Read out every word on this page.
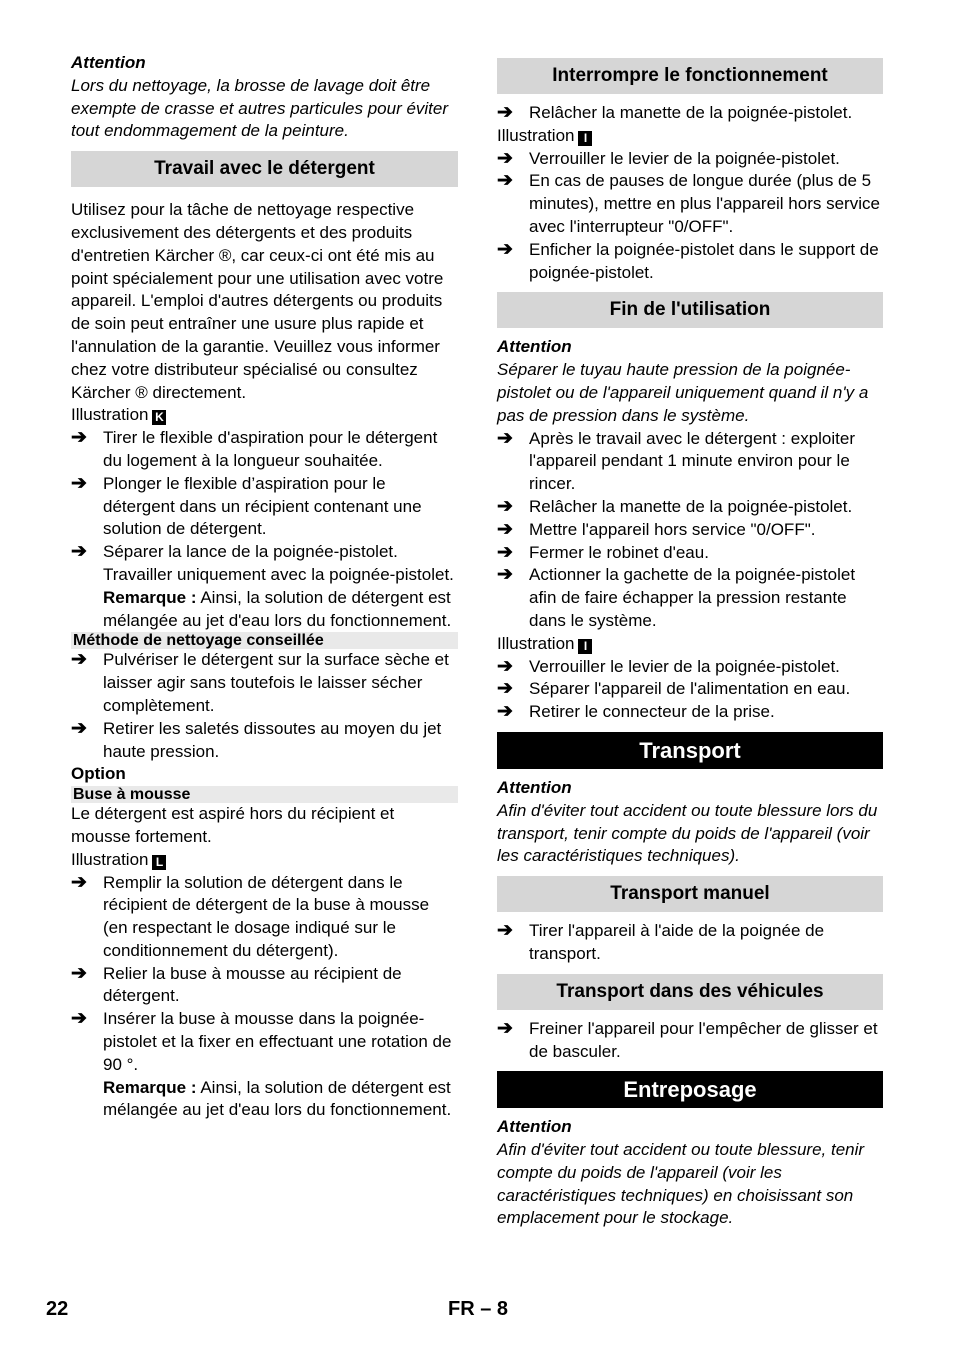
Attention

Lors du nettoyage, la brosse de lavage doit être exempte de crasse et autres particules pour éviter tout endommagement de la peinture.

Travail avec le détergent

Utilisez pour la tâche de nettoyage respective exclusivement des détergents et des produits d'entretien Kärcher ®, car ceux-ci ont été mis au point spécialement pour une utilisation avec votre appareil. L'emploi d'autres détergents ou produits de soin peut entraîner une usure plus rapide et l'annulation de la garantie. Veuillez vous informer chez votre distributeur spécialisé ou consultez Kärcher ® directement.

Illustration K

➔ Tirer le flexible d'aspiration pour le détergent du logement à la longueur souhaitée.
➔ Plonger le flexible d’aspiration pour le détergent dans un récipient contenant une solution de détergent.
➔ Séparer la lance de la poignée-pistolet. Travailler uniquement avec la poignée-pistolet.

Remarque : Ainsi, la solution de détergent est mélangée au jet d'eau lors du fonctionnement.

Méthode de nettoyage conseillée
➔ Pulvériser le détergent sur la surface sèche et laisser agir sans toutefois le laisser sécher complètement.
➔ Retirer les saletés dissoutes au moyen du jet haute pression.

Option

Buse à mousse

Le détergent est aspiré hors du récipient et mousse fortement.

Illustration L

➔ Remplir la solution de détergent dans le récipient de détergent de la buse à mousse (en respectant le dosage indiqué sur le conditionnement du détergent).
➔ Relier la buse à mousse au récipient de détergent.
➔ Insérer la buse à mousse dans la poignée-pistolet et la fixer en effectuant une rotation de 90 °.

Remarque : Ainsi, la solution de détergent est mélangée au jet d'eau lors du fonctionnement.

Interrompre le fonctionnement
➔ Relâcher la manette de la poignée-pistolet.

Illustration I

➔ Verrouiller le levier de la poignée-pistolet.
➔ En cas de pauses de longue durée (plus de 5 minutes), mettre en plus l'appareil hors service avec l'interrupteur "0/OFF".
➔ Enficher la poignée-pistolet dans le support de poignée-pistolet.
Fin de l'utilisation

Attention

Séparer le tuyau haute pression de la poignée-pistolet ou de l'appareil uniquement quand il n'y a pas de pression dans le système.

➔ Après le travail avec le détergent : exploiter l'appareil pendant 1 minute environ pour le rincer.
➔ Relâcher la manette de la poignée-pistolet.
➔ Mettre l'appareil hors service "0/OFF".
➔ Fermer le robinet d'eau.
➔ Actionner la gachette de la poignée-pistolet afin de faire échapper la pression restante dans le système.

Illustration I

➔ Verrouiller le levier de la poignée-pistolet.
➔ Séparer l'appareil de l'alimentation en eau.
➔ Retirer le connecteur de la prise.
Transport

Attention

Afin d'éviter tout accident ou toute blessure lors du transport, tenir compte du poids de l'appareil (voir les caractéristiques techniques).

Transport manuel
➔ Tirer l'appareil à l'aide de la poignée de transport.
Transport dans des véhicules
➔ Freiner l'appareil pour l'empêcher de glisser et de basculer.
Entreposage

Attention

Afin d'éviter tout accident ou toute blessure, tenir compte du poids de l'appareil (voir les caractéristiques techniques) en choisissant son emplacement pour le stockage.

22	FR – 8
